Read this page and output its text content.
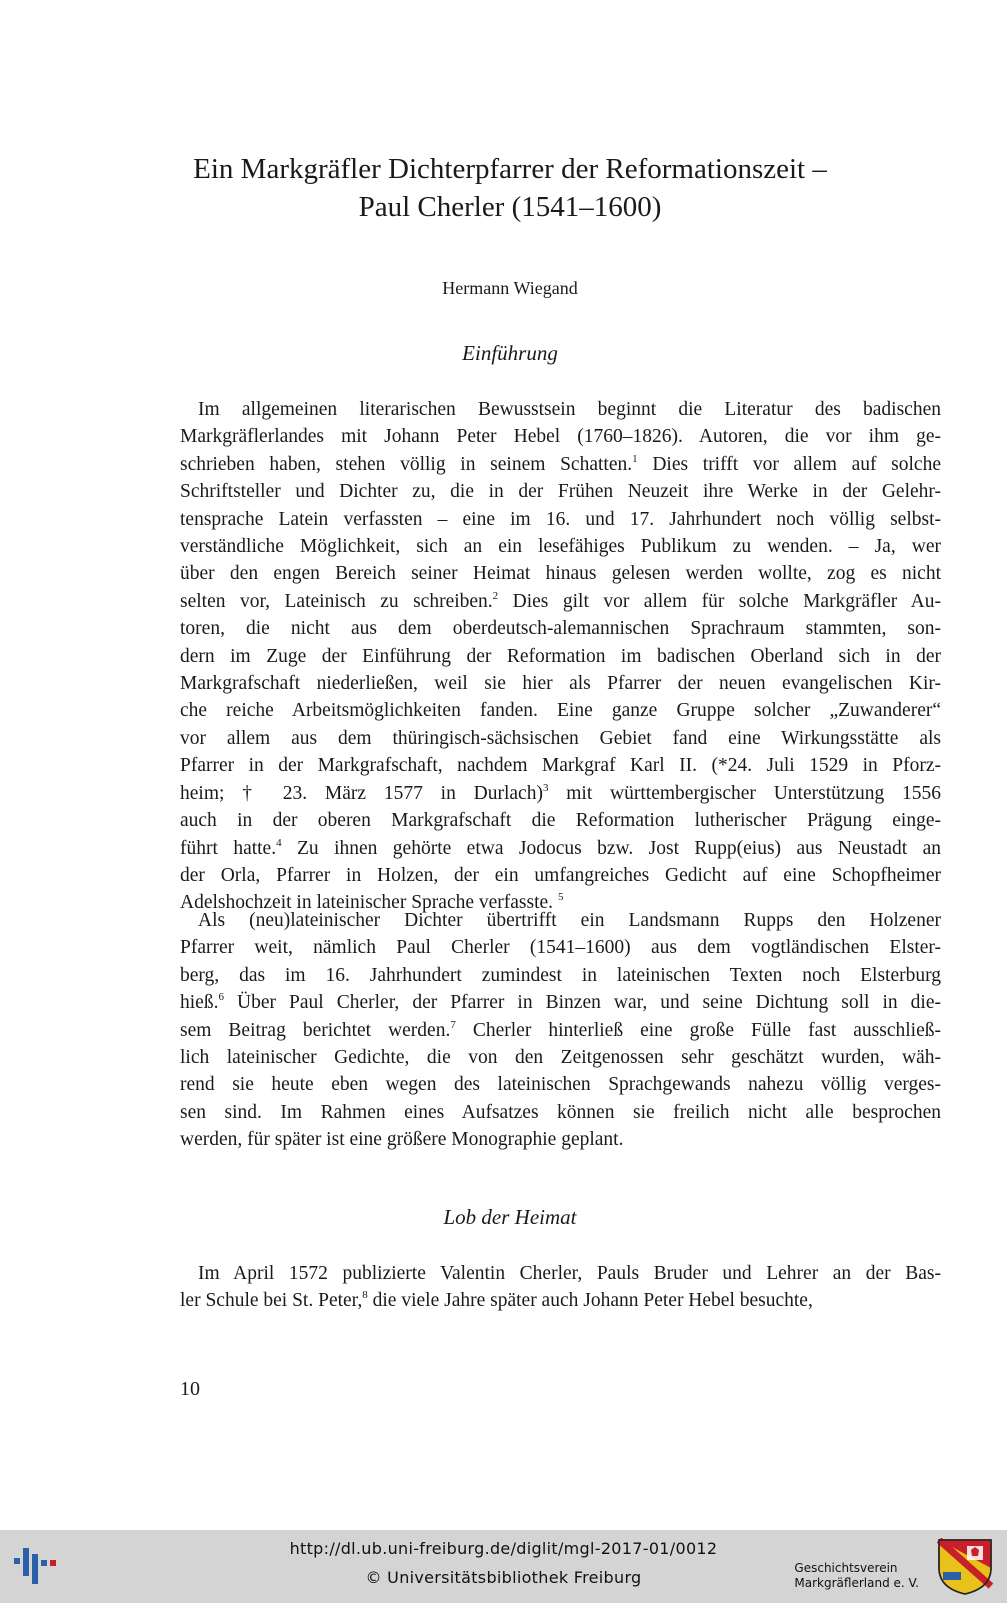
Ein Markgräfler Dichterpfarrer der Reformationszeit –
Paul Cherler (1541–1600)
Hermann Wiegand
Einführung
Im allgemeinen literarischen Bewusstsein beginnt die Literatur des badischen
Markgräflerlandes mit Johann Peter Hebel (1760–1826). Autoren, die vor ihm ge-
schrieben haben, stehen völlig in seinem Schatten.$^1$ Dies trifft vor allem auf solche
Schriftsteller und Dichter zu, die in der Frühen Neuzeit ihre Werke in der Gelehr-
tensprache Latein verfassten – eine im 16. und 17. Jahrhundert noch völlig selbst-
verständliche Möglichkeit, sich an ein lesefähiges Publikum zu wenden. – Ja, wer
über den engen Bereich seiner Heimat hinaus gelesen werden wollte, zog es nicht
selten vor, Lateinisch zu schreiben.$^2$ Dies gilt vor allem für solche Markgräfler Au-
toren, die nicht aus dem oberdeutsch-alemannischen Sprachraum stammten, son-
dern im Zuge der Einführung der Reformation im badischen Oberland sich in der
Markgrafschaft niederließen, weil sie hier als Pfarrer der neuen evangelischen Kir-
che reiche Arbeitsmöglichkeiten fanden. Eine ganze Gruppe solcher „Zuwanderer“
vor allem aus dem thüringisch-sächsischen Gebiet fand eine Wirkungsstätte als
Pfarrer in der Markgrafschaft, nachdem Markgraf Karl II. (*24. Juli 1529 in Pforz-
heim; † 23. März 1577 in Durlach)$^3$ mit württembergischer Unterstützung 1556
auch in der oberen Markgrafschaft die Reformation lutherischer Prägung einge-
führt hatte.$^4$ Zu ihnen gehörte etwa Jodocus bzw. Jost Rupp(eius) aus Neustadt an
der Orla, Pfarrer in Holzen, der ein umfangreiches Gedicht auf eine Schopfheimer
Adelshochzeit in lateinischer Sprache verfasste. $^5$
Als (neu)lateinischer Dichter übertrifft ein Landsmann Rupps den Holzener
Pfarrer weit, nämlich Paul Cherler (1541–1600) aus dem vogtländischen Elster-
berg, das im 16. Jahrhundert zumindest in lateinischen Texten noch Elsterburg
hieß.$^6$ Über Paul Cherler, der Pfarrer in Binzen war, und seine Dichtung soll in die-
sem Beitrag berichtet werden.$^7$ Cherler hinterließ eine große Fülle fast ausschließ-
lich lateinischer Gedichte, die von den Zeitgenossen sehr geschätzt wurden, wäh-
rend sie heute eben wegen des lateinischen Sprachgewands nahezu völlig verges-
sen sind. Im Rahmen eines Aufsatzes können sie freilich nicht alle besprochen
werden, für später ist eine größere Monographie geplant.
Lob der Heimat
Im April 1572 publizierte Valentin Cherler, Pauls Bruder und Lehrer an der Bas-
ler Schule bei St. Peter,$^8$ die viele Jahre später auch Johann Peter Hebel besuchte,
10
http://dl.ub.uni-freiburg.de/diglit/mgl-2017-01/0012
© Universitätsbibliothek Freiburg	Geschichtsverein
Markgräflerland e. V.
